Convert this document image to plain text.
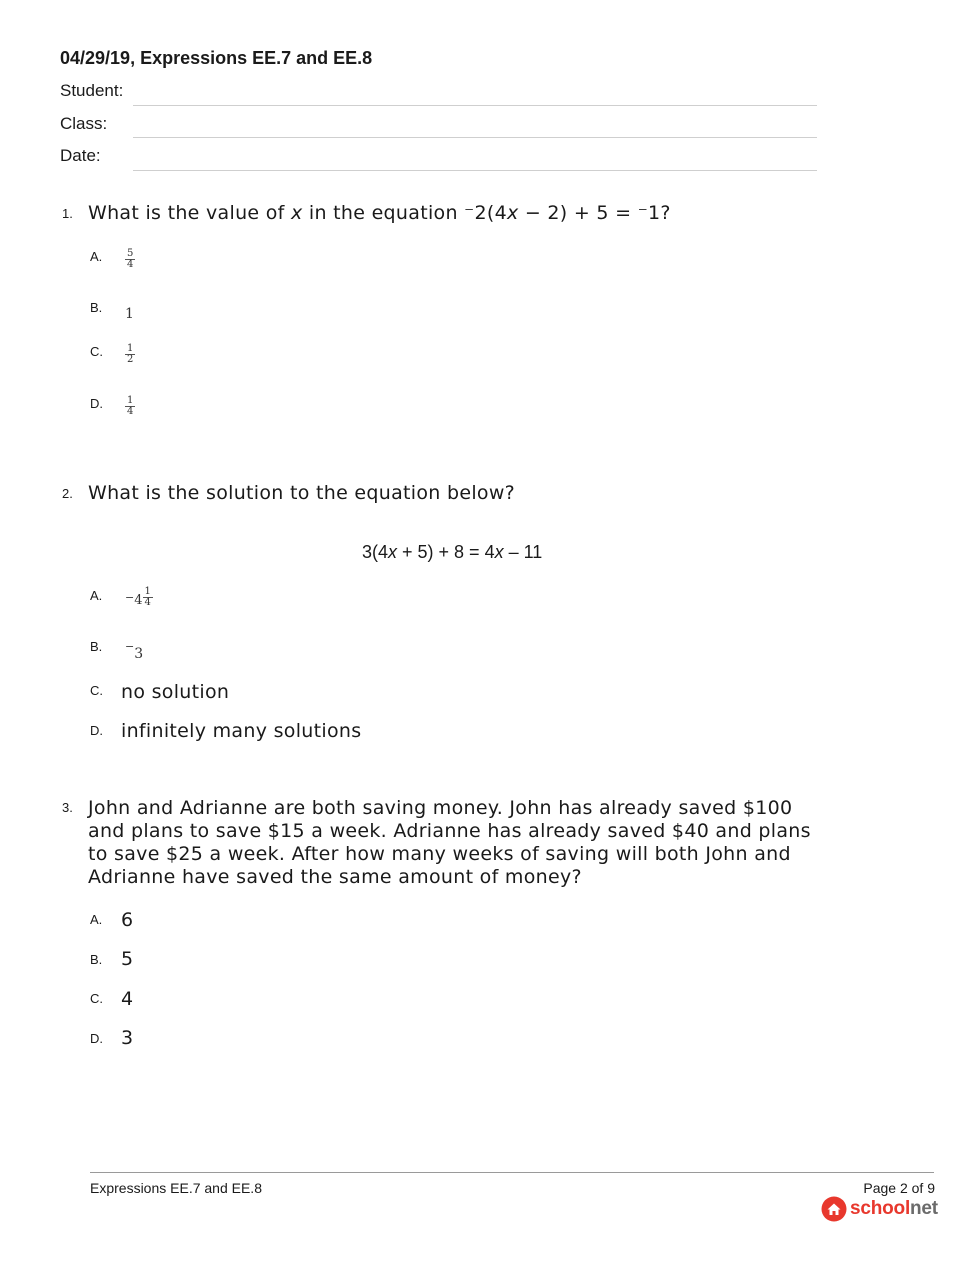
04/29/19, Expressions EE.7 and EE.8
Student:
Class:
Date:
1. What is the value of x in the equation ⁻2(4x − 2) + 5 = ⁻1?
A. $\frac{5}{4}$
B. 1
C. $\frac{1}{2}$
D. $\frac{1}{4}$
2. What is the solution to the equation below?
3(4x + 5) + 8 = 4x – 11
A. $^{-4} \frac{1}{4}$
B. −3
C. no solution
D. infinitely many solutions
3. John and Adrianne are both saving money. John has already saved $100
and plans to save $15 a week. Adrianne has already saved $40 and plans
to save $25 a week. After how many weeks of saving will both John and
Adrianne have saved the same amount of money?
A. 6
B. 5
C. 4
D. 3
Expressions EE.7 and EE.8	Page 2 of 9
schoolnet
